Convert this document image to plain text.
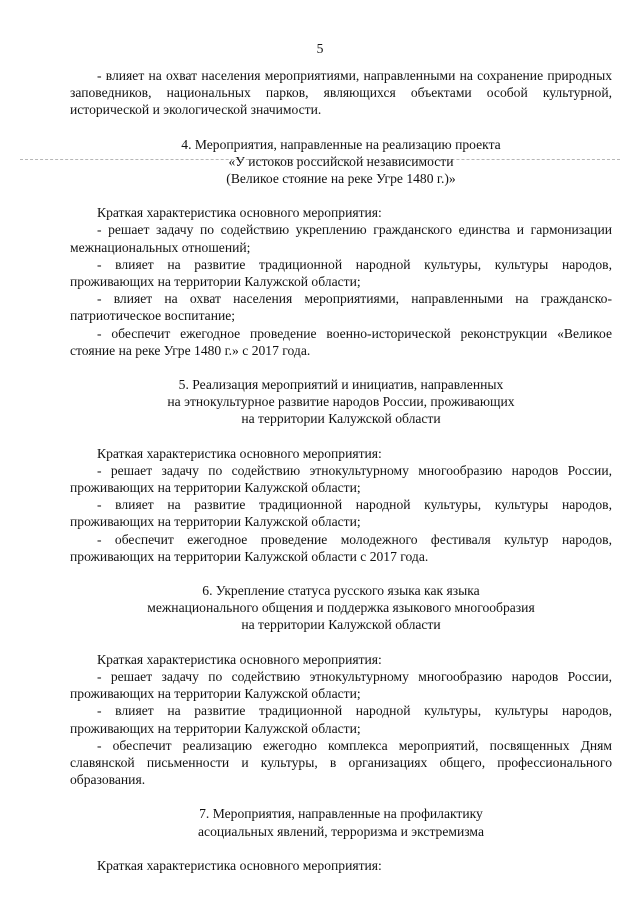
5

- влияет на охват населения мероприятиями, направленными на сохранение природных заповедников, национальных парков, являющихся объектами особой культурной, исторической и экологической значимости.

4. Мероприятия, направленные на реализацию проекта

«У истоков российской независимости

(Великое стояние на реке Угре 1480 г.)»

Краткая характеристика основного мероприятия:

- решает задачу по содействию укреплению гражданского единства и гармонизации межнациональных отношений;

- влияет на развитие традиционной народной культуры, культуры народов, проживающих на территории Калужской области;

- влияет на охват населения мероприятиями, направленными на гражданско-патриотическое воспитание;

- обеспечит ежегодное проведение военно-исторической реконструкции «Великое стояние на реке Угре 1480 г.» с 2017 года.

5. Реализация мероприятий и инициатив, направленных

на этнокультурное развитие народов России, проживающих

на территории Калужской области

Краткая характеристика основного мероприятия:

- решает задачу по содействию этнокультурному многообразию народов России, проживающих на территории Калужской области;

- влияет на развитие традиционной народной культуры, культуры народов, проживающих на территории Калужской области;

- обеспечит ежегодное проведение молодежного фестиваля культур народов, проживающих на территории Калужской области с 2017 года.

6. Укрепление статуса русского языка как языка

межнационального общения и поддержка языкового многообразия

на территории Калужской области

Краткая характеристика основного мероприятия:

- решает задачу по содействию этнокультурному многообразию народов России, проживающих на территории Калужской области;

- влияет на развитие традиционной народной культуры, культуры народов, проживающих на территории Калужской области;

- обеспечит реализацию ежегодно комплекса мероприятий, посвященных Дням славянской письменности и культуры, в организациях общего, профессионального образования.

7. Мероприятия, направленные на профилактику

асоциальных явлений, терроризма и экстремизма

Краткая характеристика основного мероприятия:
